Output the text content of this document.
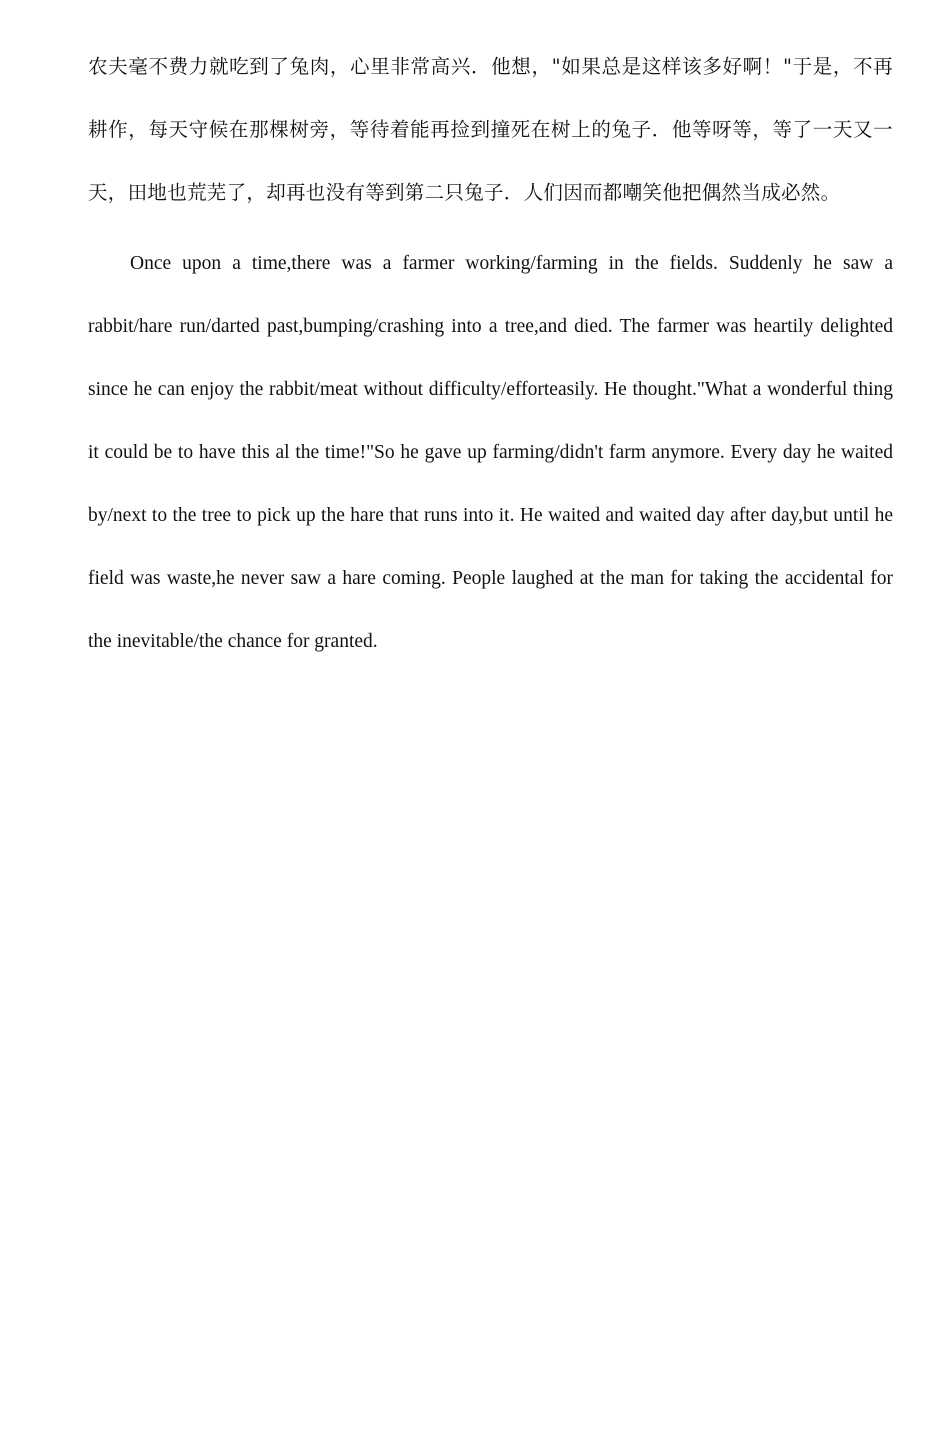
农夫毫不费力就吃到了兔肉，心里非常高兴．他想，"如果总是这样该多好啊！"于是，不再耕作，每天守候在那棵树旁，等待着能再捡到撞死在树上的兔子．他等呀等，等了一天又一天，田地也荒芜了，却再也没有等到第二只兔子．人们因而都嘲笑他把偶然当成必然。

Once upon a time,there was a farmer working/farming in the fields. Suddenly he saw a rabbit/hare run/darted past,bumping/crashing into a tree,and died. The farmer was heartily delighted since he can enjoy the rabbit/meat without difficulty/efforteasily. He thought."What a wonderful thing it could be to have this al the time!"So he gave up farming/didn't farm anymore. Every day he waited by/next to the tree to pick up the hare that runs into it. He waited and waited day after day,but until he field was waste,he never saw a hare coming. People laughed at the man for taking the accidental for the inevitable/the chance for granted.
